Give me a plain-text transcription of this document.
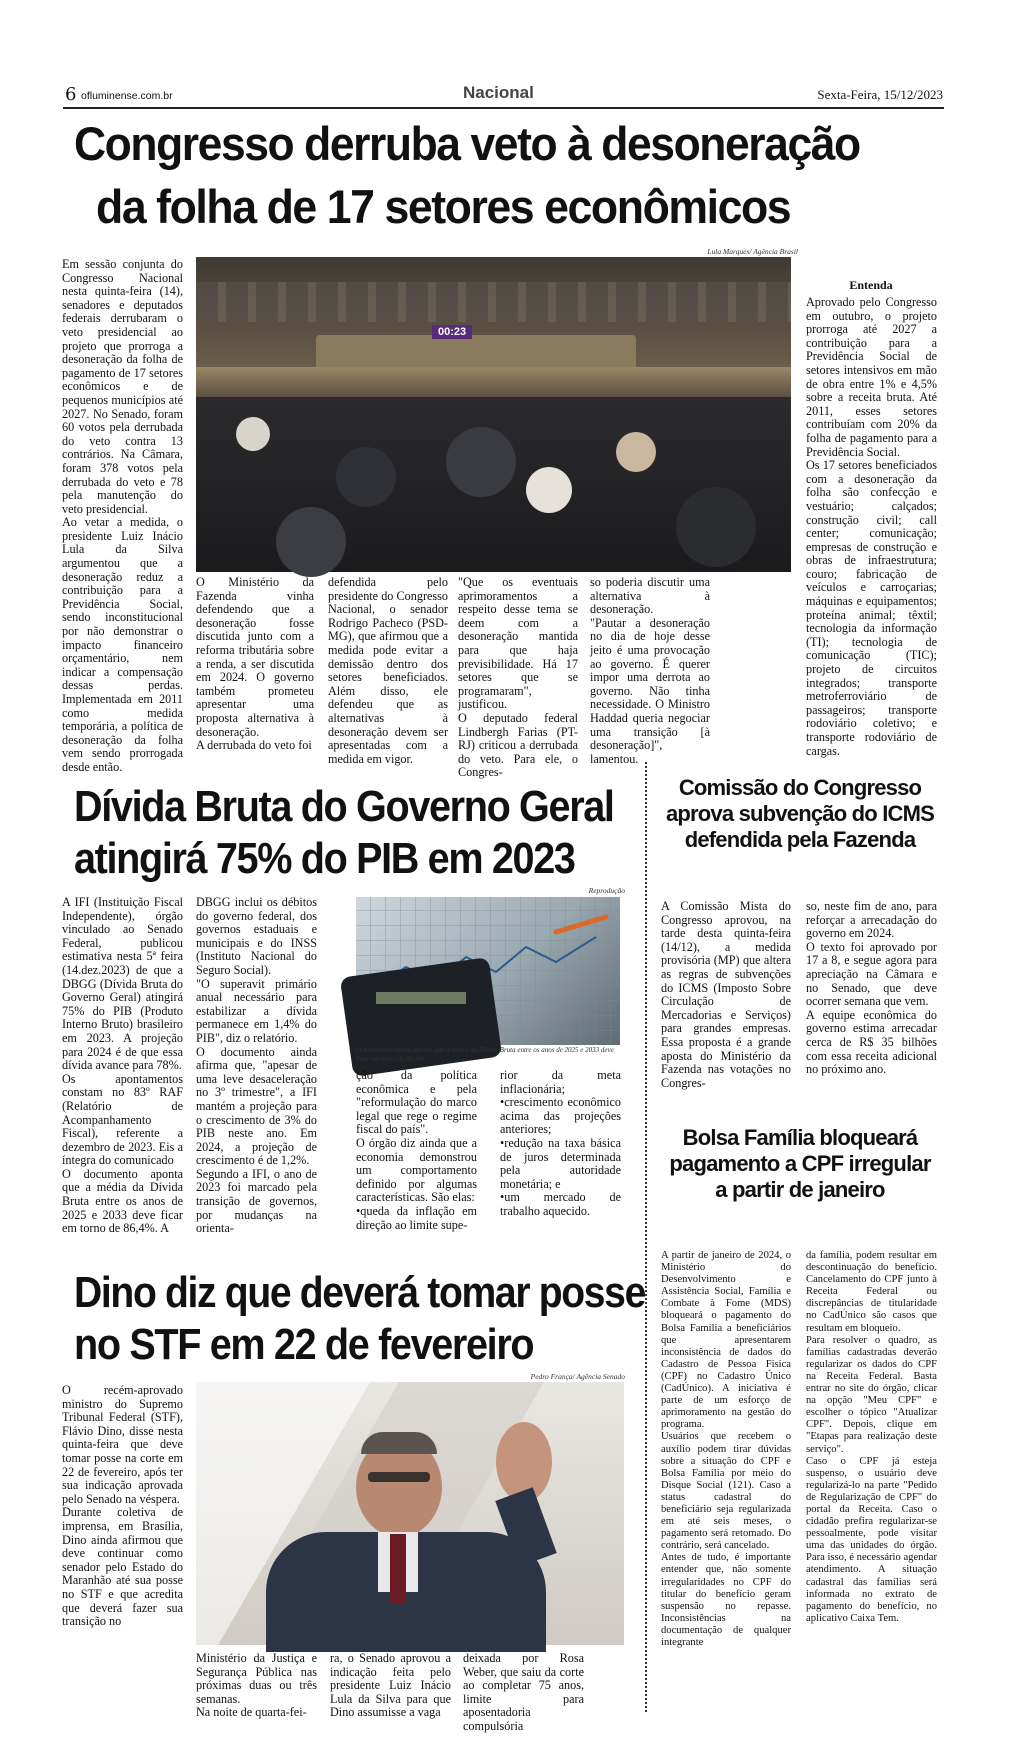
6 ofluminense.com.br	Nacional	Sexta-Feira, 15/12/2023
Congresso derruba veto à desoneração
da folha de 17 setores econômicos

Em sessão conjunta do Congresso Nacional nesta quinta-feira (14), senadores e deputados federais derrubaram o veto presidencial ao projeto que prorroga a desoneração da folha de pagamento de 17 setores econômicos e de pequenos municípios até 2027. No Senado, foram 60 votos pela derrubada do veto contra 13 contrários. Na Câmara, foram 378 votos pela derrubada do veto e 78 pela manutenção do veto presidencial.

Ao vetar a medida, o presidente Luiz Inácio Lula da Silva argumentou que a desoneração reduz a contribuição para a Previdência Social, sendo inconstitucional por não demonstrar o impacto financeiro orçamentário, nem indicar a compensação dessas perdas. Implementada em 2011 como medida temporária, a política de desoneração da folha vem sendo prorrogada desde então.

Lula Marques/ Agência Brasil
00:23

O Ministério da Fazenda vinha defendendo que a desoneração fosse discutida junto com a reforma tributária sobre a renda, a ser discutida em 2024. O governo também prometeu apresentar uma proposta alternativa à desoneração.

A derrubada do veto foi

defendida pelo presidente do Congresso Nacional, o senador Rodrigo Pacheco (PSD-MG), que afirmou que a medida pode evitar a demissão dentro dos setores beneficiados. Além disso, ele defendeu que as alternativas à desoneração devem ser apresentadas com a medida em vigor.

"Que os eventuais aprimoramentos a respeito desse tema se deem com a desoneração mantida para que haja previsibilidade. Há 17 setores que se programaram", justificou.

O deputado federal Lindbergh Farias (PT-RJ) criticou a derrubada do veto. Para ele, o Congres-

so poderia discutir uma alternativa à desoneração.

"Pautar a desoneração no dia de hoje desse jeito é uma provocação ao governo. É querer impor uma derrota ao governo. Não tinha necessidade. O Ministro Haddad queria negociar uma transição [à desoneração]", lamentou.

Entenda

Aprovado pelo Congresso em outubro, o projeto prorroga até 2027 a contribuição para a Previdência Social de setores intensivos em mão de obra entre 1% e 4,5% sobre a receita bruta. Até 2011, esses setores contribuíam com 20% da folha de pagamento para a Previdência Social.

Os 17 setores beneficiados com a desoneração da folha são confecção e vestuário; calçados; construção civil; call center; comunicação; empresas de construção e obras de infraestrutura; couro; fabricação de veículos e carroçarias; máquinas e equipamentos; proteína animal; têxtil; tecnologia da informação (TI); tecnologia de comunicação (TIC); projeto de circuitos integrados; transporte metroferroviário de passageiros; transporte rodoviário coletivo; e transporte rodoviário de cargas.

Dívida Bruta do Governo Geral
atingirá 75% do PIB em 2023

A IFI (Instituição Fiscal Independente), órgão vinculado ao Senado Federal, publicou estimativa nesta 5ª feira (14.dez.2023) de que a DBGG (Dívida Bruta do Governo Geral) atingirá 75% do PIB (Produto Interno Bruto) brasileiro em 2023. A projeção para 2024 é de que essa dívida avance para 78%.

Os apontamentos constam no 83º RAF (Relatório de Acompanhamento Fiscal), referente a dezembro de 2023. Eis a íntegra do comunicado

O documento aponta que a média da Dívida Bruta entre os anos de 2025 e 2033 deve ficar em torno de 86,4%. A

DBGG inclui os débitos do governo federal, dos governos estaduais e municipais e do INSS (Instituto Nacional do Seguro Social).

"O superavit primário anual necessário para estabilizar a dívida permanece em 1,4% do PIB", diz o relatório.

O documento ainda afirma que, "apesar de uma leve desaceleração no 3º trimestre", a IFI mantém a projeção para o crescimento de 3% do PIB neste ano. Em 2024, a projeção de crescimento é de 1,2%.

Segundo a IFI, o ano de 2023 foi marcado pela transição de governos, por mudanças na orienta-

Reprodução
O documento ainda aponta que a média da Dívida Bruta entre os anos de 2025 e 2033 deve ficar em torno de 86,4%.

ção da política econômica e pela "reformulação do marco legal que rege o regime fiscal do país".

O órgão diz ainda que a economia demonstrou um comportamento definido por algumas características. São elas:

•queda da inflação em direção ao limite supe-

rior da meta inflacionária;

•crescimento econômico acima das projeções anteriores;

•redução na taxa básica de juros determinada pela autoridade monetária; e

•um mercado de trabalho aquecido.

Dino diz que deverá tomar posse
no STF em 22 de fevereiro

O recém-aprovado ministro do Supremo Tribunal Federal (STF), Flávio Dino, disse nesta quinta-feira que deve tomar posse na corte em 22 de fevereiro, após ter sua indicação aprovada pelo Senado na véspera.

Durante coletiva de imprensa, em Brasília, Dino ainda afirmou que deve continuar como senador pelo Estado do Maranhão até sua posse no STF e que acredita que deverá fazer sua transição no

Pedro França/ Agência Senado

Ministério da Justiça e Segurança Pública nas próximas duas ou três semanas.

Na noite de quarta-fei-

ra, o Senado aprovou a indicação feita pelo presidente Luiz Inácio Lula da Silva para que Dino assumisse a vaga

deixada por Rosa Weber, que saiu da corte ao completar 75 anos, limite para aposentadoria compulsória

Comissão do Congresso
aprova subvenção do ICMS
defendida pela Fazenda

A Comissão Mista do Congresso aprovou, na tarde desta quinta-feira (14/12), a medida provisória (MP) que altera as regras de subvenções do ICMS (Imposto Sobre Circulação de Mercadorias e Serviços) para grandes empresas. Essa proposta é a grande aposta do Ministério da Fazenda nas votações no Congres-

so, neste fim de ano, para reforçar a arrecadação do governo em 2024.

O texto foi aprovado por 17 a 8, e segue agora para apreciação na Câmara e no Senado, que deve ocorrer semana que vem.

A equipe econômica do governo estima arrecadar cerca de R$ 35 bilhões com essa receita adicional no próximo ano.

Bolsa Família bloqueará
pagamento a CPF irregular
a partir de janeiro

A partir de janeiro de 2024, o Ministério do Desenvolvimento e Assistência Social, Família e Combate à Fome (MDS) bloqueará o pagamento do Bolsa Família a beneficiários que apresentarem inconsistência de dados do Cadastro de Pessoa Física (CPF) no Cadastro Único (CadÚnico). A iniciativa é parte de um esforço de aprimoramento na gestão do programa.

Usuários que recebem o auxílio podem tirar dúvidas sobre a situação do CPF e Bolsa Família por meio do Disque Social (121). Caso a status cadastral do beneficiário seja regularizada em até seis meses, o pagamento será retomado. Do contrário, será cancelado.

Antes de tudo, é importante entender que, não somente irregularidades no CPF do titular do benefício geram suspensão no repasse. Inconsistências na documentação de qualquer integrante

da família, podem resultar em descontinuação do benefício. Cancelamento do CPF junto à Receita Federal ou discrepâncias de titularidade no CadÚnico são casos que resultam em bloqueio.

Para resolver o quadro, as famílias cadastradas deverão regularizar os dados do CPF na Receita Federal. Basta entrar no site do órgão, clicar na opção "Meu CPF" e escolher o tópico "Atualizar CPF". Depois, clique em "Etapas para realização deste serviço".

Caso o CPF já esteja suspenso, o usuário deve regularizá-lo na parte "Pedido de Regularização de CPF" do portal da Receita. Caso o cidadão prefira regularizar-se pessoalmente, pode visitar uma das unidades do órgão. Para isso, é necessário agendar atendimento. A situação cadastral das famílias será informada no extrato de pagamento do benefício, no aplicativo Caixa Tem.
